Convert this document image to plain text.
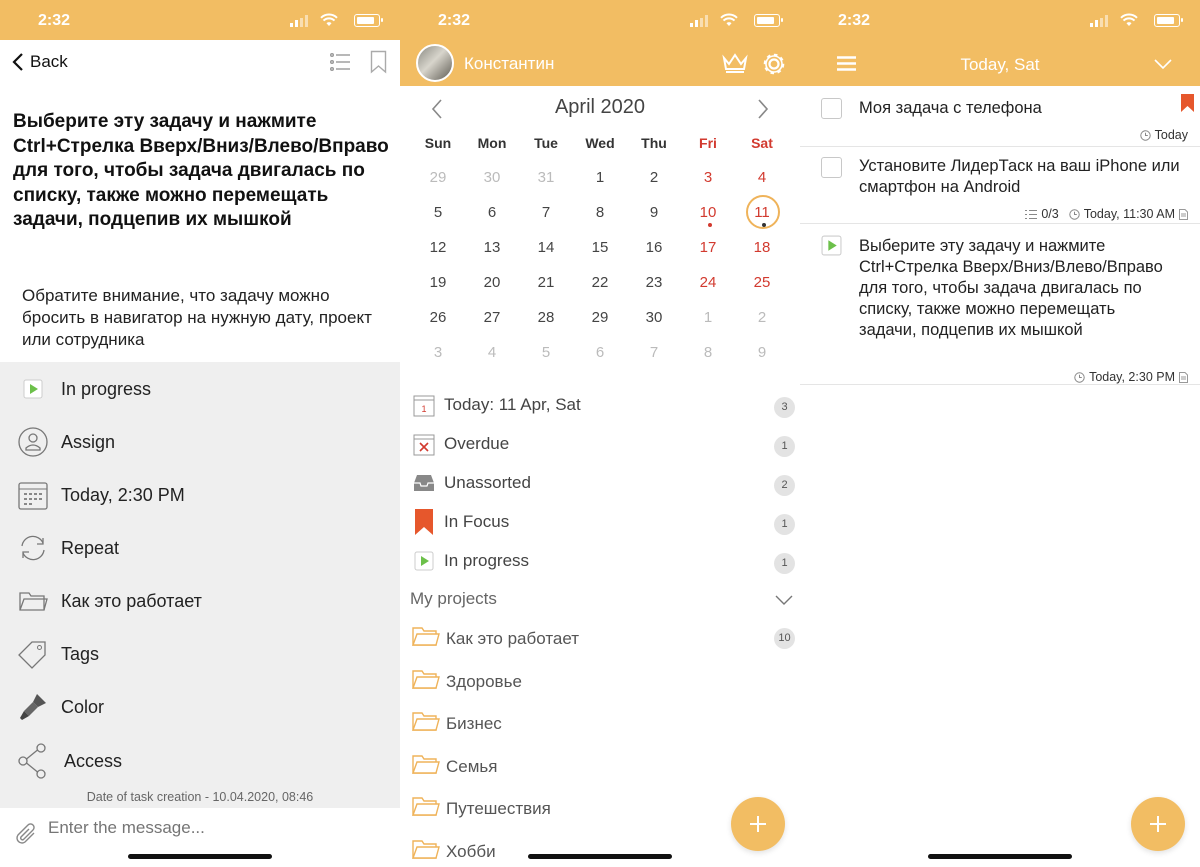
2:32
Back
Выберите эту задачу и нажмите Ctrl+Стрелка Вверх/Вниз/Влево/Вправо для того, чтобы задача двигалась по списку, также можно перемещать задачи, подцепив их мышкой
Обратите внимание, что задачу можно бросить в навигатор на нужную дату, проект или сотрудника
In progress
Assign
Today, 2:30 PM
Repeat
Как это работает
Tags
Color
Access
Date of task creation - 10.04.2020, 08:46
Enter the message...
2:32
Константин
April 2020
Sun	Mon	Tue	Wed	Thu	Fri	Sat
29	30	31	1	2	3	4
5	6	7	8	9	10	11
12	13	14	15	16	17	18
19	20	21	22	23	24	25
26	27	28	29	30	1	2
3	4	5	6	7	8	9
1 Today: 11 Apr, Sat	3
Overdue	1
Unassorted	2
In Focus	1
In progress	1
My projects
Как это работает	10
Здоровье
Бизнес
Семья
Путешествия
Хобби
2:32
Today, Sat
Моя задача с телефона
Today
Установите ЛидерТаск на ваш iPhone или смартфон на Android
0/3 Today, 11:30 AM
Выберите эту задачу и нажмите Ctrl+Стрелка Вверх/Вниз/Влево/Вправо для того, чтобы задача двигалась по списку, также можно перемещать задачи, подцепив их мышкой
Today, 2:30 PM
